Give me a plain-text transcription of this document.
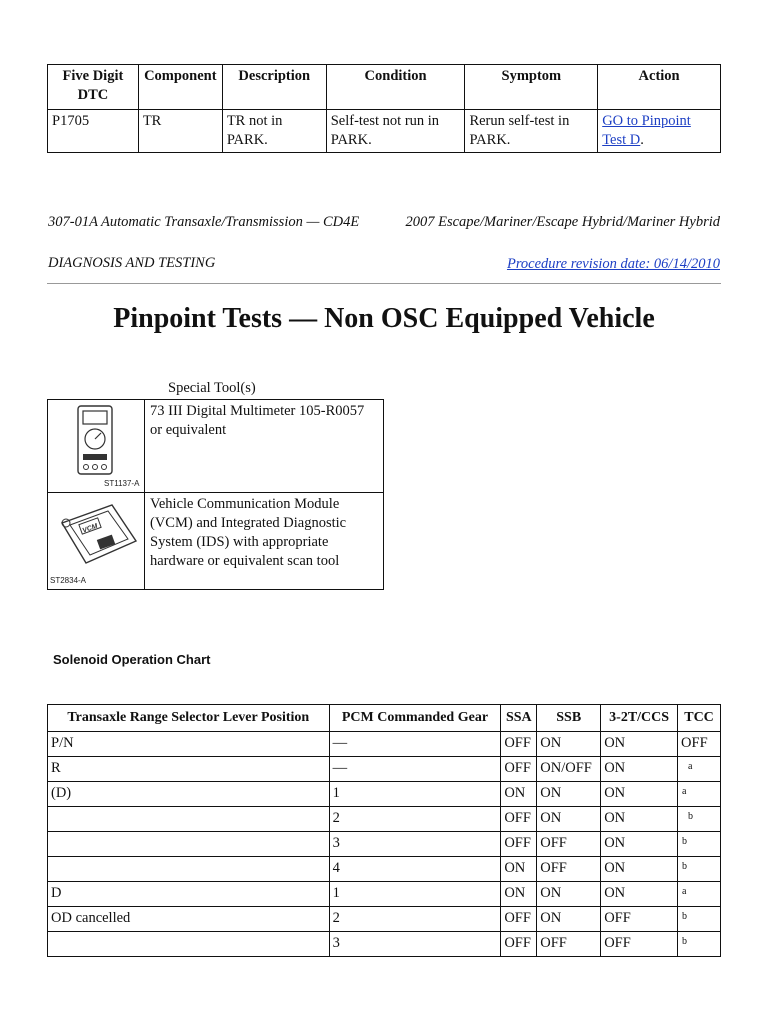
Five Digit DTC	Component	Description	Condition	Symptom	Action
P1705	TR	TR not in PARK.	Self-test not run in PARK.	Rerun self-test in PARK.	GO to Pinpoint Test D.
307-01A Automatic Transaxle/Transmission — CD4E	2007 Escape/Mariner/Escape Hybrid/Mariner Hybrid
DIAGNOSIS AND TESTING	Procedure revision date: 06/14/2010
Pinpoint Tests — Non OSC Equipped Vehicle
Special Tool(s)
ST1137-A	73 III Digital Multimeter 105-R0057 or equivalent

VCM
ST2834-A	Vehicle Communication Module (VCM) and Integrated Diagnostic System (IDS) with appropriate hardware or equivalent scan tool
Solenoid Operation Chart
Transaxle Range Selector Lever Position	PCM Commanded Gear	SSA	SSB	3-2T/CCS	TCC
P/N	—	OFF	ON	ON	OFF
R	—	OFF	ON/OFF	ON	$^a$
(D)	1	ON	ON	ON	$^a$
	2	OFF	ON	ON	$^b$
	3	OFF	OFF	ON	$^b$
	4	ON	OFF	ON	$^b$
D	1	ON	ON	ON	$^a$
OD cancelled	2	OFF	ON	OFF	$^b$
	3	OFF	OFF	OFF	$^b$
